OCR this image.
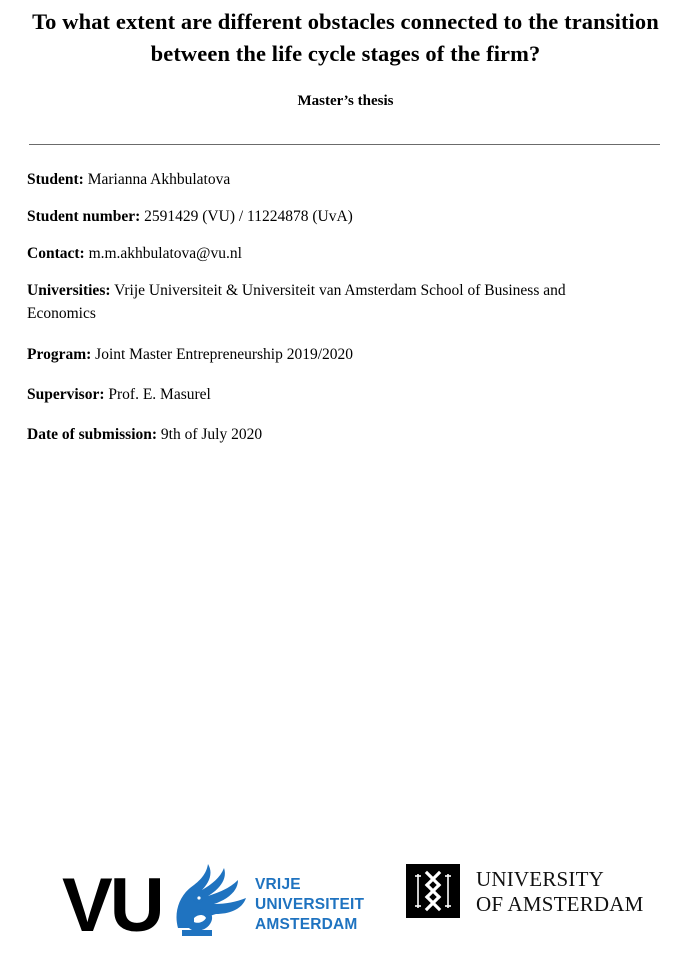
To what extent are different obstacles connected to the transition between the life cycle stages of the firm?
Master’s thesis

Student: Marianna Akhbulatova

Student number: 2591429 (VU) / 11224878 (UvA)

Contact: m.m.akhbulatova@vu.nl

Universities: Vrije Universiteit & Universiteit van Amsterdam School of Business and Economics

Program: Joint Master Entrepreneurship 2019/2020

Supervisor: Prof. E. Masurel

Date of submission: 9th of July 2020

VU	VRIJE
UNIVERSITEIT
AMSTERDAM
UNIVERSITY
OF AMSTERDAM
